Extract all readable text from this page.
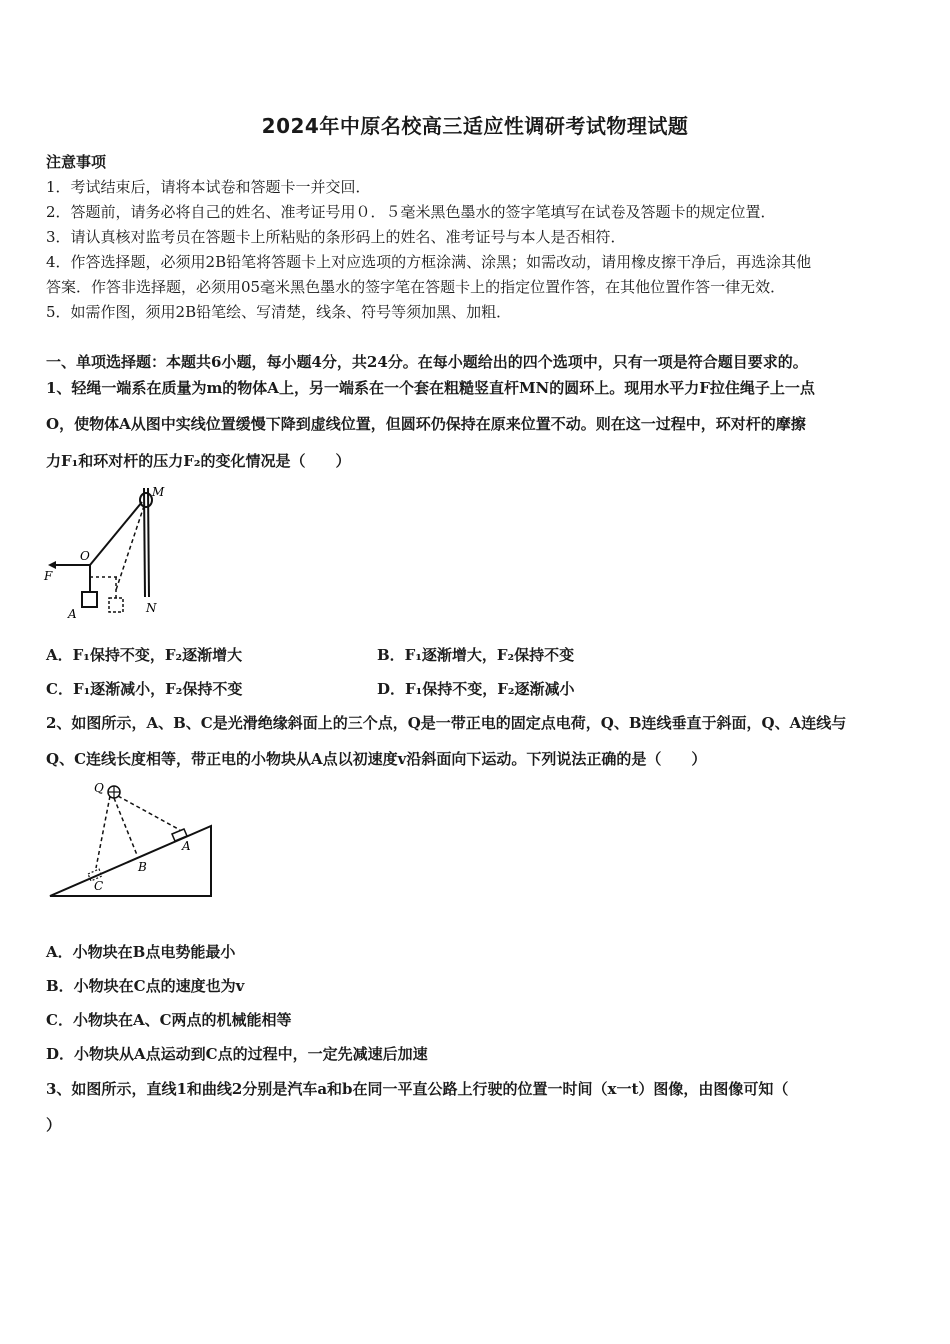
2024年中原名校高三适应性调研考试物理试题
注意事项
1．考试结束后，请将本试卷和答题卡一并交回．
2．答题前，请务必将自己的姓名、准考证号用０．５毫米黑色墨水的签字笔填写在试卷及答题卡的规定位置．
3．请认真核对监考员在答题卡上所粘贴的条形码上的姓名、准考证号与本人是否相符．
4．作答选择题，必须用2B铅笔将答题卡上对应选项的方框涂满、涂黑；如需改动，请用橡皮擦干净后，再选涂其他
答案．作答非选择题，必须用05毫米黑色墨水的签字笔在答题卡上的指定位置作答，在其他位置作答一律无效．
5．如需作图，须用2B铅笔绘、写清楚，线条、符号等须加黑、加粗．
一、单项选择题：本题共6小题，每小题4分，共24分。在每小题给出的四个选项中，只有一项是符合题目要求的。
1、轻绳一端系在质量为m的物体A上，另一端系在一个套在粗糙竖直杆MN的圆环上。现用水平力F拉住绳子上一点
O，使物体A从图中实线位置缓慢下降到虚线位置，但圆环仍保持在原来位置不动。则在这一过程中，环对杆的摩擦
力F₁和环对杆的压力F₂的变化情况是（　　）
M
N
O
F
A
A．F₁保持不变，F₂逐渐增大	B．F₁逐渐增大，F₂保持不变
C．F₁逐渐减小，F₂保持不变	D．F₁保持不变，F₂逐渐减小
2、如图所示，A、B、C是光滑绝缘斜面上的三个点，Q是一带正电的固定点电荷，Q、B连线垂直于斜面，Q、A连线与
Q、C连线长度相等，带正电的小物块从A点以初速度v沿斜面向下运动。下列说法正确的是（　　）
Q
A
B
C
A．小物块在B点电势能最小
B．小物块在C点的速度也为v
C．小物块在A、C两点的机械能相等
D．小物块从A点运动到C点的过程中，一定先减速后加速
3、如图所示，直线1和曲线2分别是汽车a和b在同一平直公路上行驶的位置一时间（x一t）图像，由图像可知（
）
